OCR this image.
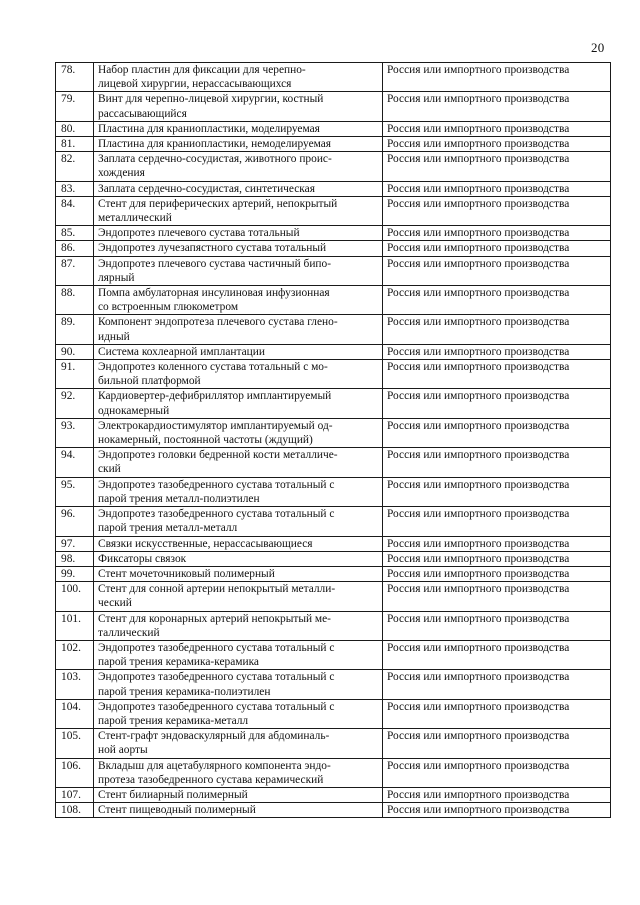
20
78.	Набор пластин для фиксации для черепно-
лицевой хирургии, нерассасывающихся	Россия или импортного производства
79.	Винт для черепно-лицевой хирургии, костный
рассасывающийся	Россия или импортного производства
80.	Пластина для краниопластики, моделируемая	Россия или импортного производства
81.	Пластина для краниопластики, немоделируемая	Россия или импортного производства
82.	Заплата сердечно-сосудистая, животного проис-
хождения	Россия или импортного производства
83.	Заплата сердечно-сосудистая, синтетическая	Россия или импортного производства
84.	Стент для периферических артерий, непокрытый
металлический	Россия или импортного производства
85.	Эндопротез плечевого сустава тотальный	Россия или импортного производства
86.	Эндопротез лучезапястного сустава тотальный	Россия или импортного производства
87.	Эндопротез плечевого сустава частичный бипо-
лярный	Россия или импортного производства
88.	Помпа амбулаторная инсулиновая инфузионная
со встроенным глюкометром	Россия или импортного производства
89.	Компонент эндопротеза плечевого сустава глено-
идный	Россия или импортного производства
90.	Система кохлеарной имплантации	Россия или импортного производства
91.	Эндопротез коленного сустава тотальный с мо-
бильной платформой	Россия или импортного производства
92.	Кардиовертер-дефибриллятор имплантируемый
однокамерный	Россия или импортного производства
93.	Электрокардиостимулятор имплантируемый од-
нокамерный, постоянной частоты (ждущий)	Россия или импортного производства
94.	Эндопротез головки бедренной кости металличе-
ский	Россия или импортного производства
95.	Эндопротез тазобедренного сустава тотальный с
парой трения металл-полиэтилен	Россия или импортного производства
96.	Эндопротез тазобедренного сустава тотальный с
парой трения металл-металл	Россия или импортного производства
97.	Связки искусственные, нерассасывающиеся	Россия или импортного производства
98.	Фиксаторы связок	Россия или импортного производства
99.	Стент мочеточниковый полимерный	Россия или импортного производства
100.	Стент для сонной артерии непокрытый металли-
ческий	Россия или импортного производства
101.	Стент для коронарных артерий непокрытый ме-
таллический	Россия или импортного производства
102.	Эндопротез тазобедренного сустава тотальный с
парой трения керамика-керамика	Россия или импортного производства
103.	Эндопротез тазобедренного сустава тотальный с
парой трения керамика-полиэтилен	Россия или импортного производства
104.	Эндопротез тазобедренного сустава тотальный с
парой трения керамика-металл	Россия или импортного производства
105.	Стент-графт эндоваскулярный для абдоминаль-
ной аорты	Россия или импортного производства
106.	Вкладыш для ацетабулярного компонента эндо-
протеза тазобедренного сустава керамический	Россия или импортного производства
107.	Стент билиарный полимерный	Россия или импортного производства
108.	Стент пищеводный полимерный	Россия или импортного производства
